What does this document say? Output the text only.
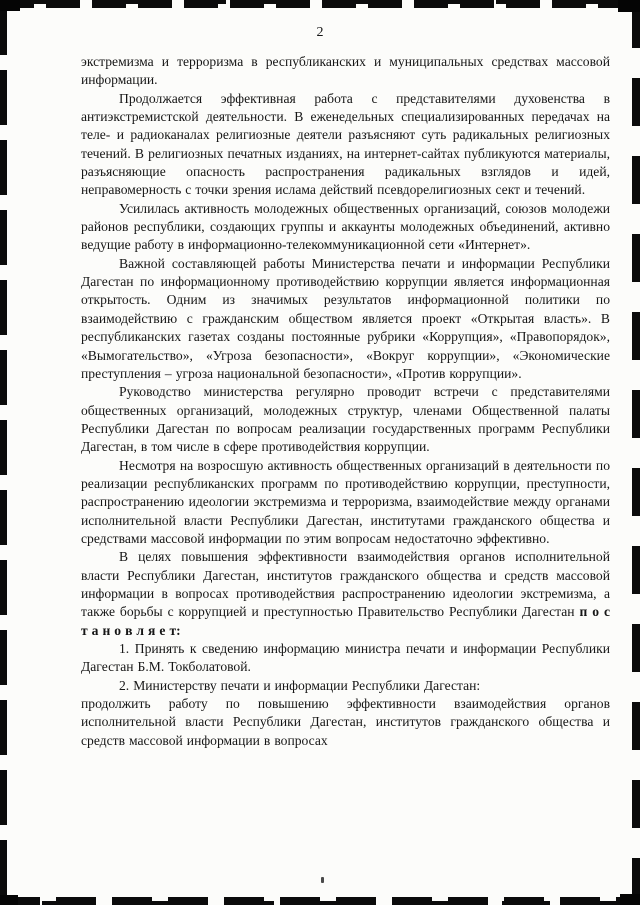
2

экстремизма и терроризма в республиканских и муниципальных средствах массовой информации.

Продолжается эффективная работа с представителями духовенства в антиэкстремистской деятельности. В еженедельных специализированных передачах на теле- и радиоканалах религиозные деятели разъясняют суть радикальных религиозных течений. В религиозных печатных изданиях, на интернет-сайтах публикуются материалы, разъясняющие опасность распространения радикальных взглядов и идей, неправомерность с точки зрения ислама действий псевдорелигиозных сект и течений.

Усилилась активность молодежных общественных организаций, союзов молодежи районов республики, создающих группы и аккаунты молодежных объединений, активно ведущие работу в информационно-телекоммуникационной сети «Интернет».

Важной составляющей работы Министерства печати и информации Республики Дагестан по информационному противодействию коррупции является информационная открытость. Одним из значимых результатов информационной политики по взаимодействию с гражданским обществом является проект «Открытая власть». В республиканских газетах созданы постоянные рубрики «Коррупция», «Правопорядок», «Вымогательство», «Угроза безопасности», «Вокруг коррупции», «Экономические преступления – угроза национальной безопасности», «Против коррупции».

Руководство министерства регулярно проводит встречи с представителями общественных организаций, молодежных структур, членами Общественной палаты Республики Дагестан по вопросам реализации государственных программ Республики Дагестан, в том числе в сфере противодействия коррупции.

Несмотря на возросшую активность общественных организаций в деятельности по реализации республиканских программ по противодействию коррупции, преступности, распространению идеологии экстремизма и терроризма, взаимодействие между органами исполнительной власти Республики Дагестан, институтами гражданского общества и средствами массовой информации по этим вопросам недостаточно эффективно.

В целях повышения эффективности взаимодействия органов исполнительной власти Республики Дагестан, институтов гражданского общества и средств массовой информации в вопросах противодействия распространению идеологии экстремизма, а также борьбы с коррупцией и преступностью Правительство Республики Дагестан п о с т а н о в л я е т:

1. Принять к сведению информацию министра печати и информации Республики Дагестан Б.М. Токболатовой.

2. Министерству печати и информации Республики Дагестан:

продолжить работу по повышению эффективности взаимодействия органов исполнительной власти Республики Дагестан, институтов гражданского общества и средств массовой информации в вопросах
